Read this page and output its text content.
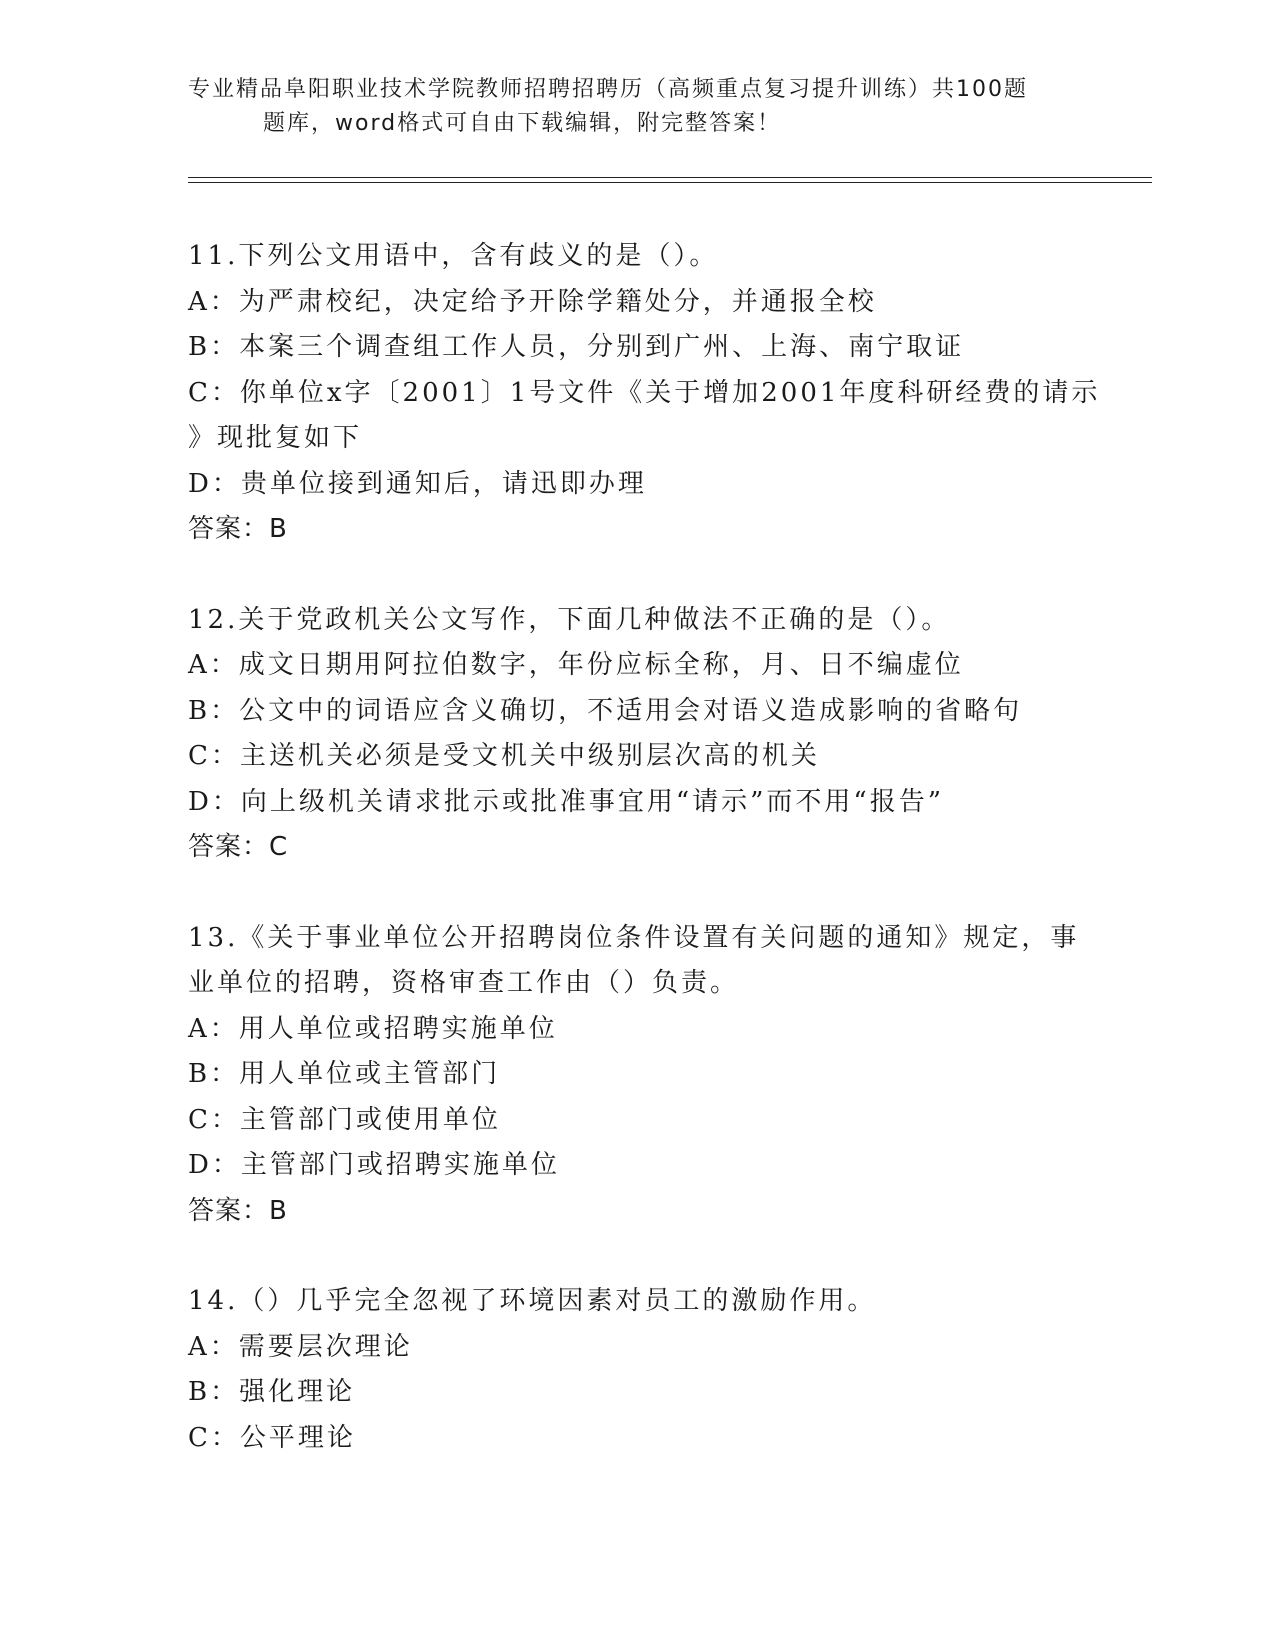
专业精品阜阳职业技术学院教师招聘招聘历（高频重点复习提升训练）共100题
题库，word格式可自由下载编辑，附完整答案！
11.下列公文用语中，含有歧义的是（）。
A：为严肃校纪，决定给予开除学籍处分，并通报全校
B：本案三个调查组工作人员，分别到广州、上海、南宁取证
C：你单位x字〔2001〕1号文件《关于增加2001年度科研经费的请示
》现批复如下
D：贵单位接到通知后，请迅即办理
答案：B
12.关于党政机关公文写作，下面几种做法不正确的是（）。
A：成文日期用阿拉伯数字，年份应标全称，月、日不编虚位
B：公文中的词语应含义确切，不适用会对语义造成影响的省略句
C：主送机关必须是受文机关中级别层次高的机关
D：向上级机关请求批示或批准事宜用“请示”而不用“报告”
答案：C
13.《关于事业单位公开招聘岗位条件设置有关问题的通知》规定，事
业单位的招聘，资格审查工作由（）负责。
A：用人单位或招聘实施单位
B：用人单位或主管部门
C：主管部门或使用单位
D：主管部门或招聘实施单位
答案：B
14.（）几乎完全忽视了环境因素对员工的激励作用。
A：需要层次理论
B：强化理论
C：公平理论
